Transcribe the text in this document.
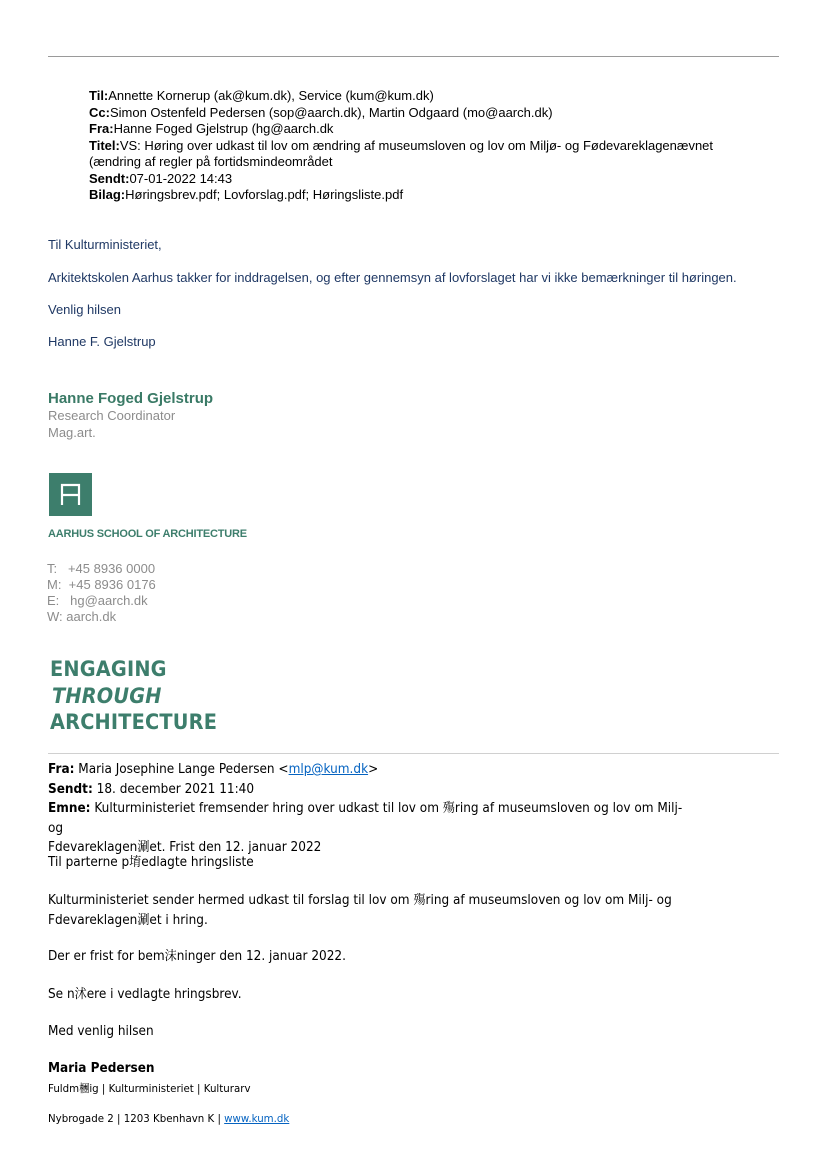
Til:Annette Kornerup (ak@kum.dk), Service (kum@kum.dk)
Cc:Simon Ostenfeld Pedersen (sop@aarch.dk), Martin Odgaard (mo@aarch.dk)
Fra:Hanne Foged Gjelstrup (hg@aarch.dk
Titel:VS: Høring over udkast til lov om ændring af museumsloven og lov om Miljø- og Fødevareklagenævnet
(ændring af regler på fortidsmindeområdet
Sendt:07-01-2022 14:43
Bilag:Høringsbrev.pdf; Lovforslag.pdf; Høringsliste.pdf
Til Kulturministeriet,
Arkitektskolen Aarhus takker for inddragelsen, og efter gennemsyn af lovforslaget har vi ikke bemærkninger til høringen.
Venlig hilsen
Hanne F. Gjelstrup
Hanne Foged Gjelstrup
Research Coordinator
Mag.art.
AARHUS SCHOOL OF ARCHITECTURE
T:   +45 8936 0000
M:  +45 8936 0176
E:   hg@aarch.dk
W: aarch.dk
ENGAGING
THROUGH
ARCHITECTURE
Fra: Maria Josephine Lange Pedersen <mlp@kum.dk>
Sendt: 18. december 2021 11:40
Emne: Kulturministeriet fremsender hring over udkast til lov om 殤ring af museumsloven og lov om Milj- og
Fdevareklagen涮et. Frist den 12. januar 2022
Til parterne p堉edlagte hringsliste
Kulturministeriet sender hermed udkast til forslag til lov om 殤ring af museumsloven og lov om Milj- og
Fdevareklagen涮et i hring.
Der er frist for bem沫ninger den 12. januar 2022.
Se n沭ere i vedlagte hringsbrev.
Med venlig hilsen
Maria Pedersen
Fuldm檲ig | Kulturministeriet | Kulturarv
Nybrogade 2 | 1203 Kbenhavn K | www.kum.dk
